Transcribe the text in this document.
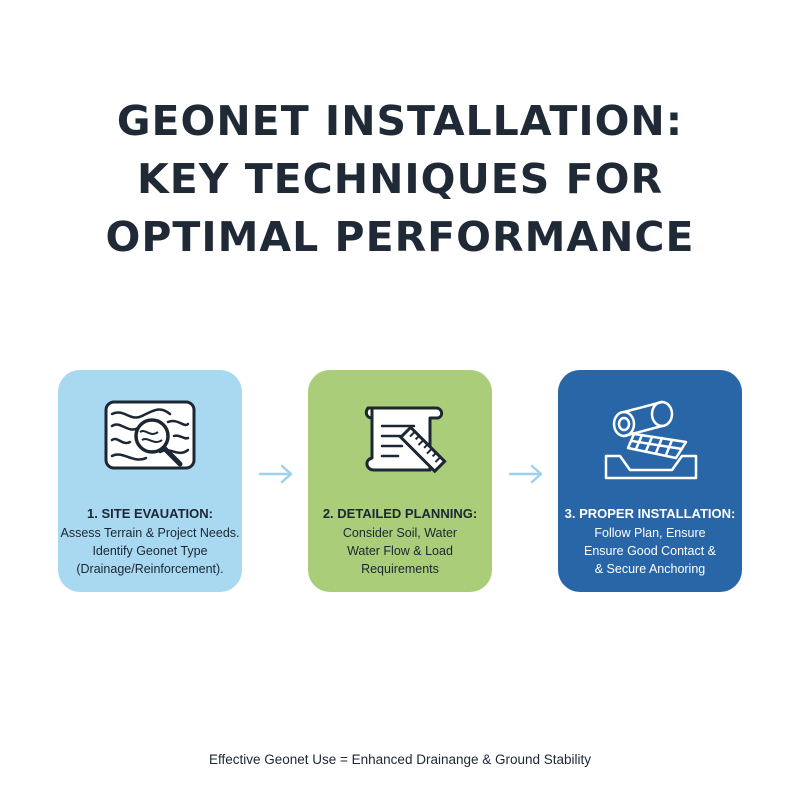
GEONET INSTALLATION:
KEY TECHNIQUES FOR
OPTIMAL PERFORMANCE
1. SITE EVAUATION:
Assess Terrain & Project Needs.
Identify Geonet Type
(Drainage/Reinforcement).
2. DETAILED PLANNING:
Consider Soil, Water
Water Flow & Load
Requirements
3. PROPER INSTALLATION:
Follow Plan, Ensure
Ensure Good Contact &
& Secure Anchoring
Effective Geonet Use = Enhanced Drainange & Ground Stability
